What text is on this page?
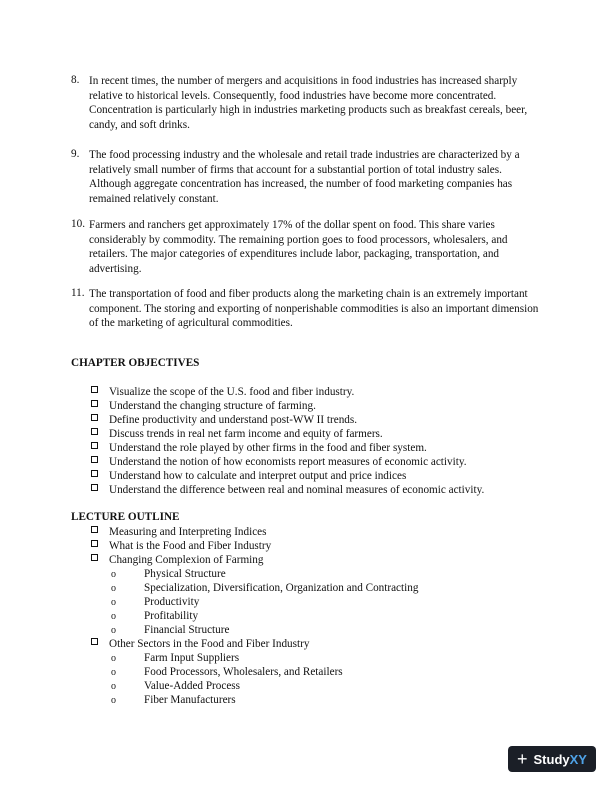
8. In recent times, the number of mergers and acquisitions in food industries has increased sharply relative to historical levels. Consequently, food industries have become more concentrated. Concentration is particularly high in industries marketing products such as breakfast cereals, beer, candy, and soft drinks.
9. The food processing industry and the wholesale and retail trade industries are characterized by a relatively small number of firms that account for a substantial portion of total industry sales. Although aggregate concentration has increased, the number of food marketing companies has remained relatively constant.
10. Farmers and ranchers get approximately 17% of the dollar spent on food. This share varies considerably by commodity. The remaining portion goes to food processors, wholesalers, and retailers. The major categories of expenditures include labor, packaging, transportation, and advertising.
11. The transportation of food and fiber products along the marketing chain is an extremely important component. The storing and exporting of nonperishable commodities is also an important dimension of the marketing of agricultural commodities.
CHAPTER OBJECTIVES
Visualize the scope of the U.S. food and fiber industry.
Understand the changing structure of farming.
Define productivity and understand post-WW II trends.
Discuss trends in real net farm income and equity of farmers.
Understand the role played by other firms in the food and fiber system.
Understand the notion of how economists report measures of economic activity.
Understand how to calculate and interpret output and price indices
Understand the difference between real and nominal measures of economic activity.
LECTURE OUTLINE
Measuring and Interpreting Indices
What is the Food and Fiber Industry
Changing Complexion of Farming
o	Physical Structure
o	Specialization, Diversification, Organization and Contracting
o	Productivity
o	Profitability
o	Financial Structure
Other Sectors in the Food and Fiber Industry
o	Farm Input Suppliers
o	Food Processors, Wholesalers, and Retailers
o	Value-Added Process
o	Fiber Manufacturers
+ Study XY
